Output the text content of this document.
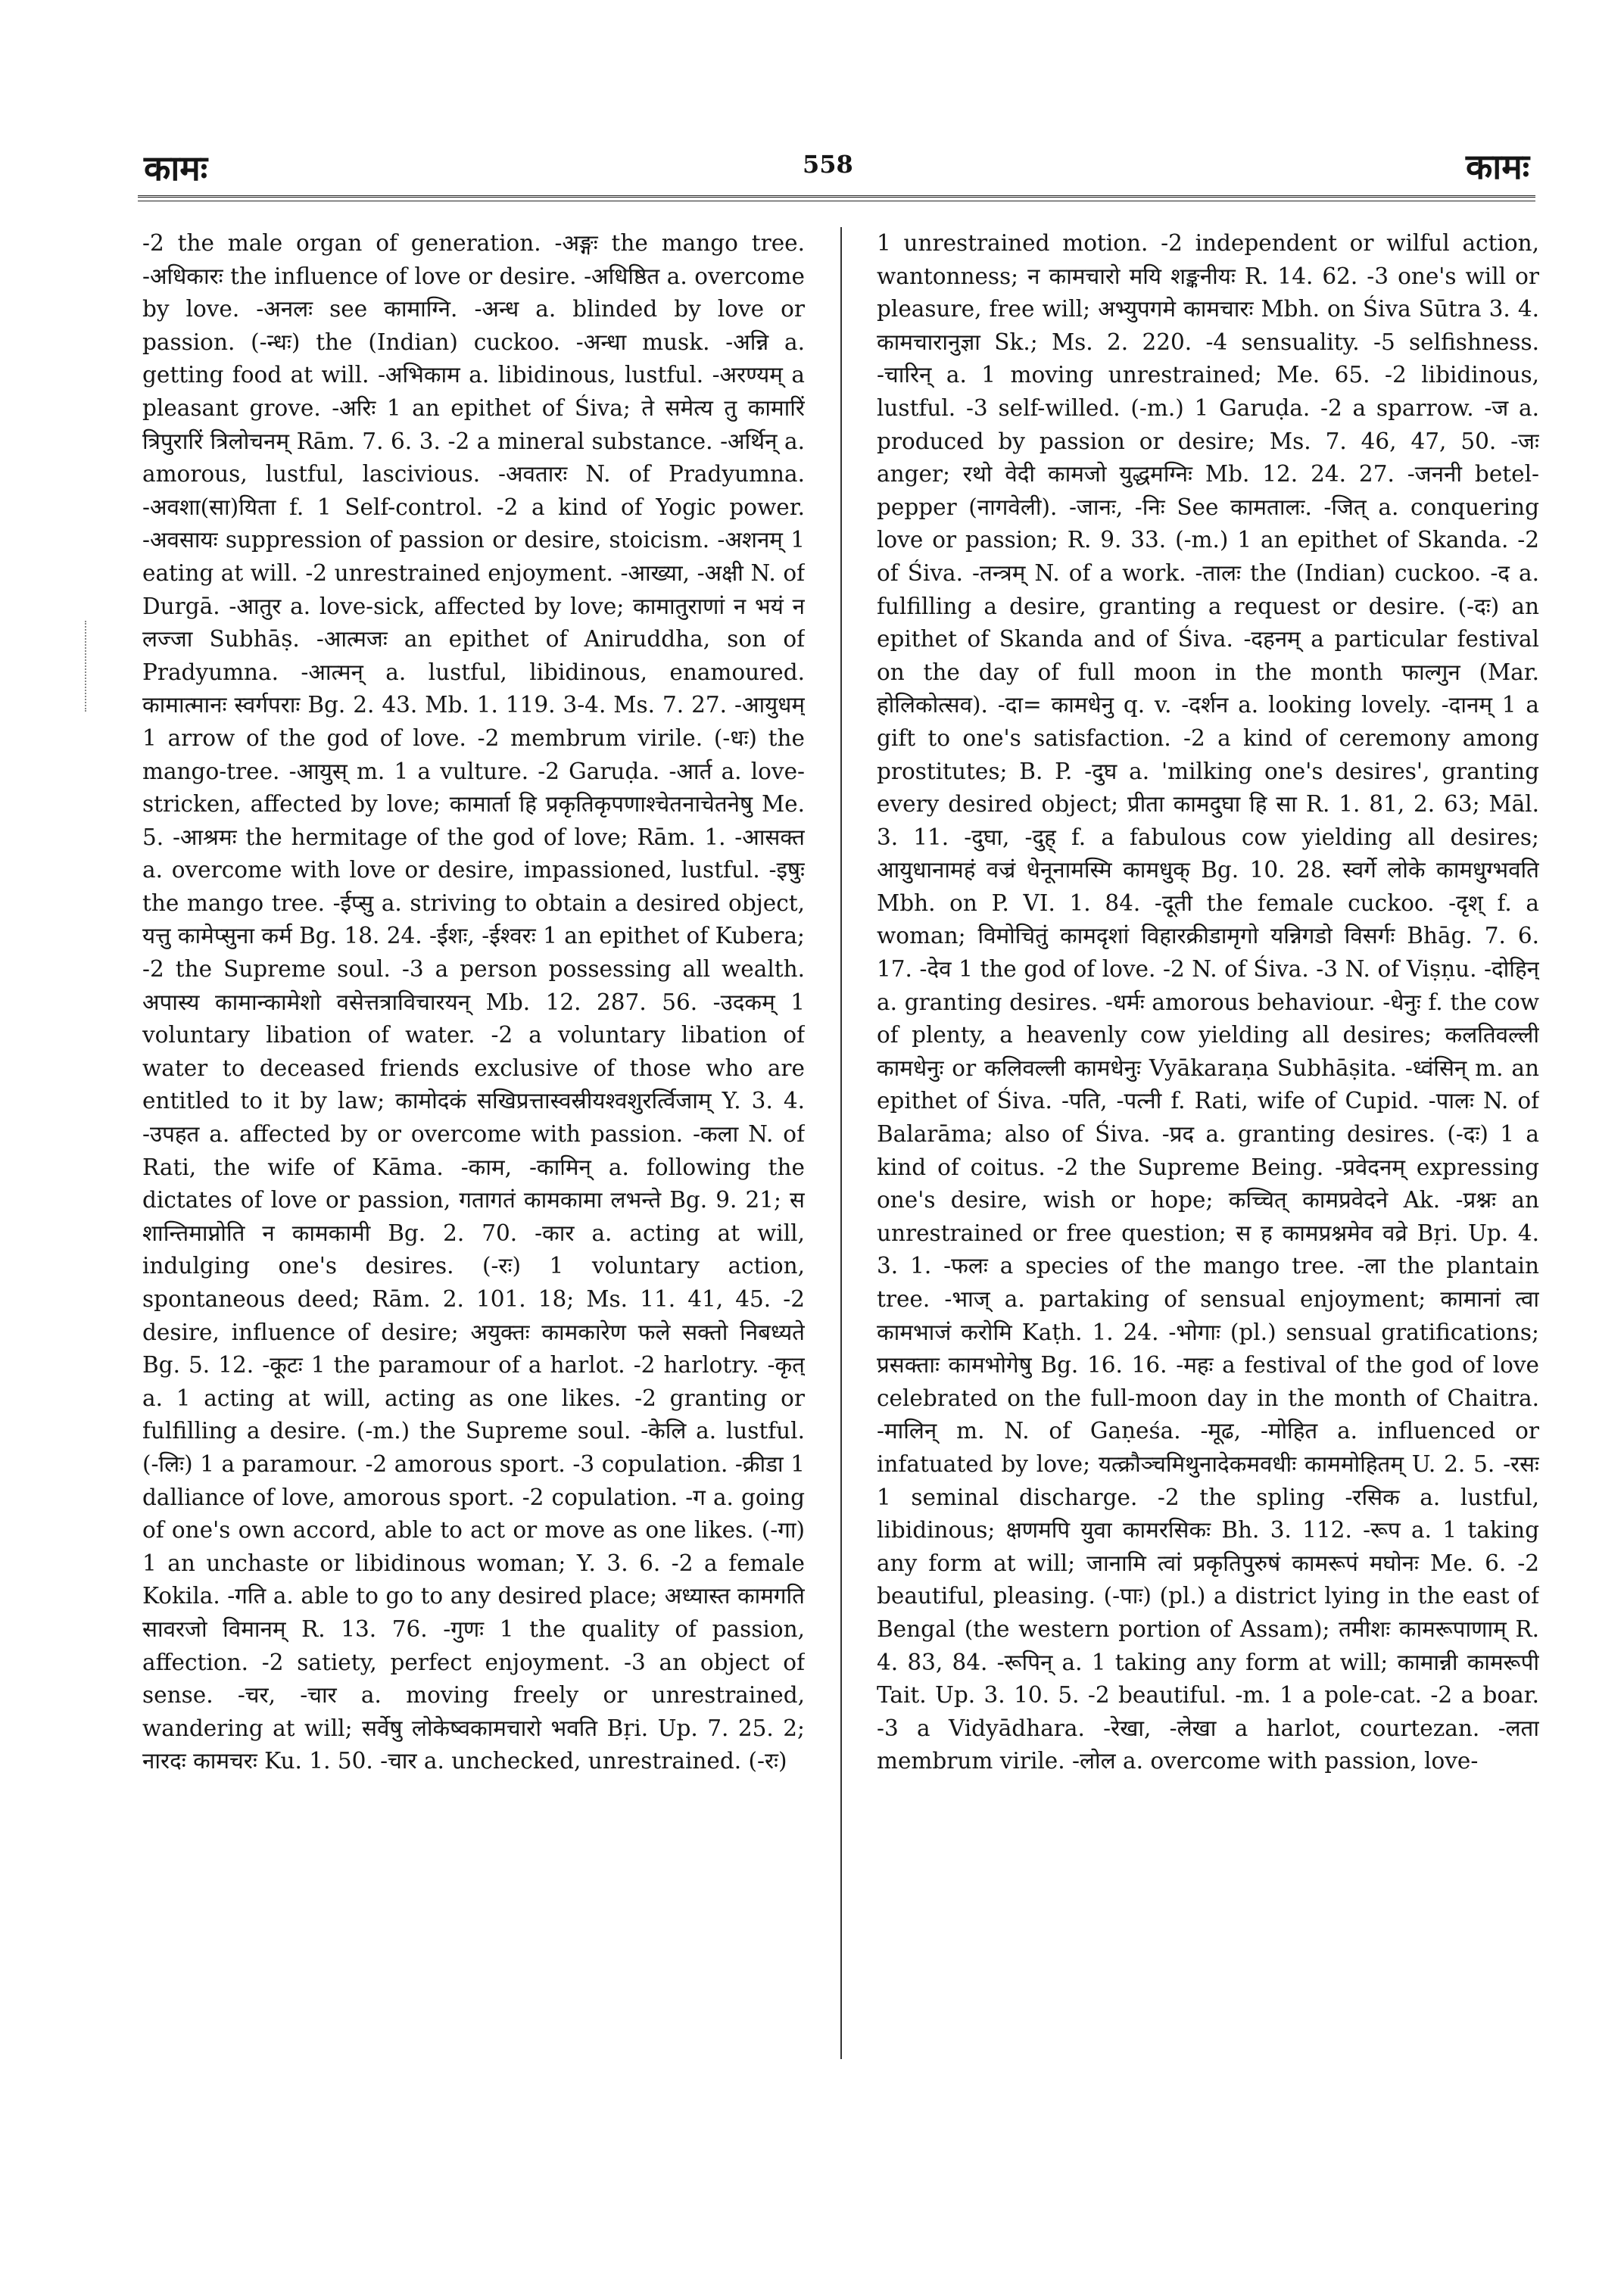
कामः	558	कामः

-2 the male organ of generation. -अङ्गः the mango tree. -अधिकारः the influence of love or desire. -अधिष्ठित a. overcome by love. -अनलः see कामाग्नि. -अन्ध a. blinded by love or passion. (-न्धः) the (Indian) cuckoo. -अन्धा musk. -अन्नि a. getting food at will. -अभिकाम a. libidinous, lustful. -अरण्यम् a pleasant grove. -अरिः 1 an epithet of Śiva; ते समेत्य तु कामारिं त्रिपुरारिं त्रिलोचनम् Rām. 7. 6. 3. -2 a mineral substance. -अर्थिन् a. amorous, lustful, lascivious. -अवतारः N. of Pradyumna. -अवशा(सा)यिता f. 1 Self-control. -2 a kind of Yogic power. -अवसायः suppression of passion or desire, stoicism. -अशनम् 1 eating at will. -2 unrestrained enjoyment. -आख्या, -अक्षी N. of Durgā. -आतुर a. love-sick, affected by love; कामातुराणां न भयं न लज्जा Subhāṣ. -आत्मजः an epithet of Aniruddha, son of Pradyumna. -आत्मन् a. lustful, libidinous, enamoured. कामात्मानः स्वर्गपराः Bg. 2. 43. Mb. 1. 119. 3-4. Ms. 7. 27. -आयुधम् 1 arrow of the god of love. -2 membrum virile. (-धः) the mango-tree. -आयुस् m. 1 a vulture. -2 Garuḍa. -आर्त a. love-stricken, affected by love; कामार्ता हि प्रकृतिकृपणाश्चेतनाचेतनेषु Me. 5. -आश्रमः the hermitage of the god of love; Rām. 1. -आसक्त a. overcome with love or desire, impassioned, lustful. -इषुः the mango tree. -ईप्सु a. striving to obtain a desired object, यत्तु कामेप्सुना कर्म Bg. 18. 24. -ईशः, -ईश्वरः 1 an epithet of Kubera; -2 the Supreme soul. -3 a person possessing all wealth. अपास्य कामान्कामेशो वसेत्तत्राविचारयन् Mb. 12. 287. 56. -उदकम् 1 voluntary libation of water. -2 a voluntary libation of water to deceased friends exclusive of those who are entitled to it by law; कामोदकं सखिप्रत्तास्वस्रीयश्वशुरर्त्विजाम् Y. 3. 4. -उपहत a. affected by or overcome with passion. -कला N. of Rati, the wife of Kāma. -काम, -कामिन् a. following the dictates of love or passion, गतागतं कामकामा लभन्ते Bg. 9. 21; स शान्तिमाप्नोति न कामकामी Bg. 2. 70. -कार a. acting at will, indulging one's desires. (-रः) 1 voluntary action, spontaneous deed; Rām. 2. 101. 18; Ms. 11. 41, 45. -2 desire, influence of desire; अयुक्तः कामकारेण फले सक्तो निबध्यते Bg. 5. 12. -कूटः 1 the paramour of a harlot. -2 harlotry. -कृत् a. 1 acting at will, acting as one likes. -2 granting or fulfilling a desire. (-m.) the Supreme soul. -केलि a. lustful. (-लिः) 1 a paramour. -2 amorous sport. -3 copulation. -क्रीडा 1 dalliance of love, amorous sport. -2 copulation. -ग a. going of one's own accord, able to act or move as one likes. (-गा) 1 an unchaste or libidinous woman; Y. 3. 6. -2 a female Kokila. -गति a. able to go to any desired place; अध्यास्त कामगति सावरजो विमानम् R. 13. 76. -गुणः 1 the quality of passion, affection. -2 satiety, perfect enjoyment. -3 an object of sense. -चर, -चार a. moving freely or unrestrained, wandering at will; सर्वेषु लोकेष्वकामचारो भवति Bṛi. Up. 7. 25. 2; नारदः कामचरः Ku. 1. 50. -चार a. unchecked, unrestrained. (-रः)

1 unrestrained motion. -2 independent or wilful action, wantonness; न कामचारो मयि शङ्कनीयः R. 14. 62. -3 one's will or pleasure, free will; अभ्युपगमे कामचारः Mbh. on Śiva Sūtra 3. 4. कामचारानुज्ञा Sk.; Ms. 2. 220. -4 sensuality. -5 selfishness. -चारिन् a. 1 moving unrestrained; Me. 65. -2 libidinous, lustful. -3 self-willed. (-m.) 1 Garuḍa. -2 a sparrow. -ज a. produced by passion or desire; Ms. 7. 46, 47, 50. -जः anger; रथो वेदी कामजो युद्धमग्निः Mb. 12. 24. 27. -जननी betel-pepper (नागवेली). -जानः, -निः See कामतालः. -जित् a. conquering love or passion; R. 9. 33. (-m.) 1 an epithet of Skanda. -2 of Śiva. -तन्त्रम् N. of a work. -तालः the (Indian) cuckoo. -द a. fulfilling a desire, granting a request or desire. (-दः) an epithet of Skanda and of Śiva. -दहनम् a particular festival on the day of full moon in the month फाल्गुन (Mar. होलिकोत्सव). -दा= कामधेनु q. v. -दर्शन a. looking lovely. -दानम् 1 a gift to one's satisfaction. -2 a kind of ceremony among prostitutes; B. P. -दुघ a. 'milking one's desires', granting every desired object; प्रीता कामदुघा हि सा R. 1. 81, 2. 63; Māl. 3. 11. -दुघा, -दुह् f. a fabulous cow yielding all desires; आयुधानामहं वज्रं धेनूनामस्मि कामधुक् Bg. 10. 28. स्वर्गे लोके कामधुग्भवति Mbh. on P. VI. 1. 84. -दूती the female cuckoo. -दृश् f. a woman; विमोचितुं कामदृशां विहारक्रीडामृगो यन्निगडो विसर्गः Bhāg. 7. 6. 17. -देव 1 the god of love. -2 N. of Śiva. -3 N. of Viṣṇu. -दोहिन् a. granting desires. -धर्मः amorous behaviour. -धेनुः f. the cow of plenty, a heavenly cow yielding all desires; कलतिवल्ली कामधेनुः or कलिवल्ली कामधेनुः Vyākaraṇa Subhāṣita. -ध्वंसिन् m. an epithet of Śiva. -पति, -पत्नी f. Rati, wife of Cupid. -पालः N. of Balarāma; also of Śiva. -प्रद a. granting desires. (-दः) 1 a kind of coitus. -2 the Supreme Being. -प्रवेदनम् expressing one's desire, wish or hope; कच्चित् कामप्रवेदने Ak. -प्रश्नः an unrestrained or free question; स ह कामप्रश्नमेव वव्रे Bṛi. Up. 4. 3. 1. -फलः a species of the mango tree. -ला the plantain tree. -भाज् a. partaking of sensual enjoyment; कामानां त्वा कामभाजं करोमि Kaṭh. 1. 24. -भोगाः (pl.) sensual gratifications; प्रसक्ताः कामभोगेषु Bg. 16. 16. -महः a festival of the god of love celebrated on the full-moon day in the month of Chaitra. -मालिन् m. N. of Gaṇeśa. -मूढ, -मोहित a. influenced or infatuated by love; यत्क्रौञ्चमिथुनादेकमवधीः काममोहितम् U. 2. 5. -रसः 1 seminal discharge. -2 the spling -रसिक a. lustful, libidinous; क्षणमपि युवा कामरसिकः Bh. 3. 112. -रूप a. 1 taking any form at will; जानामि त्वां प्रकृतिपुरुषं कामरूपं मघोनः Me. 6. -2 beautiful, pleasing. (-पाः) (pl.) a district lying in the east of Bengal (the western portion of Assam); तमीशः कामरूपाणाम् R. 4. 83, 84. -रूपिन् a. 1 taking any form at will; कामान्नी कामरूपी Tait. Up. 3. 10. 5. -2 beautiful. -m. 1 a pole-cat. -2 a boar. -3 a Vidyādhara. -रेखा, -लेखा a harlot, courtezan. -लता membrum virile. -लोल a. overcome with passion, love-
